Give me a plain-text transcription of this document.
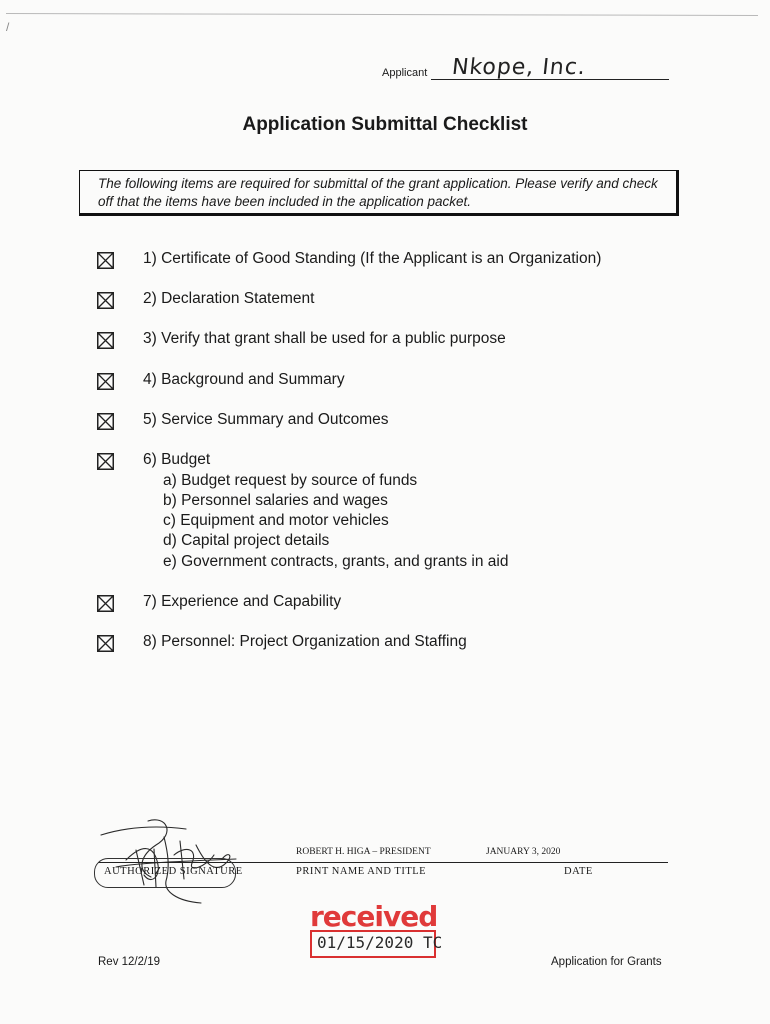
/
Applicant Nkope, Inc.
Application Submittal Checklist
The following items are required for submittal of the grant application. Please verify and check off that the items have been included in the application packet.
1) Certificate of Good Standing (If the Applicant is an Organization)
2) Declaration Statement
3) Verify that grant shall be used for a public purpose
4) Background and Summary
5) Service Summary and Outcomes
6) Budget
a) Budget request by source of funds
b) Personnel salaries and wages
c) Equipment and motor vehicles
d) Capital project details
e) Government contracts, grants, and grants in aid
7) Experience and Capability
8) Personnel: Project Organization and Staffing
ROBERT H. HIGA – PRESIDENT	JANUARY 3, 2020
AUTHORIZED SIGNATURE	PRINT NAME AND TITLE	DATE
received
01/15/2020 TC
Rev 12/2/19	Application for Grants
